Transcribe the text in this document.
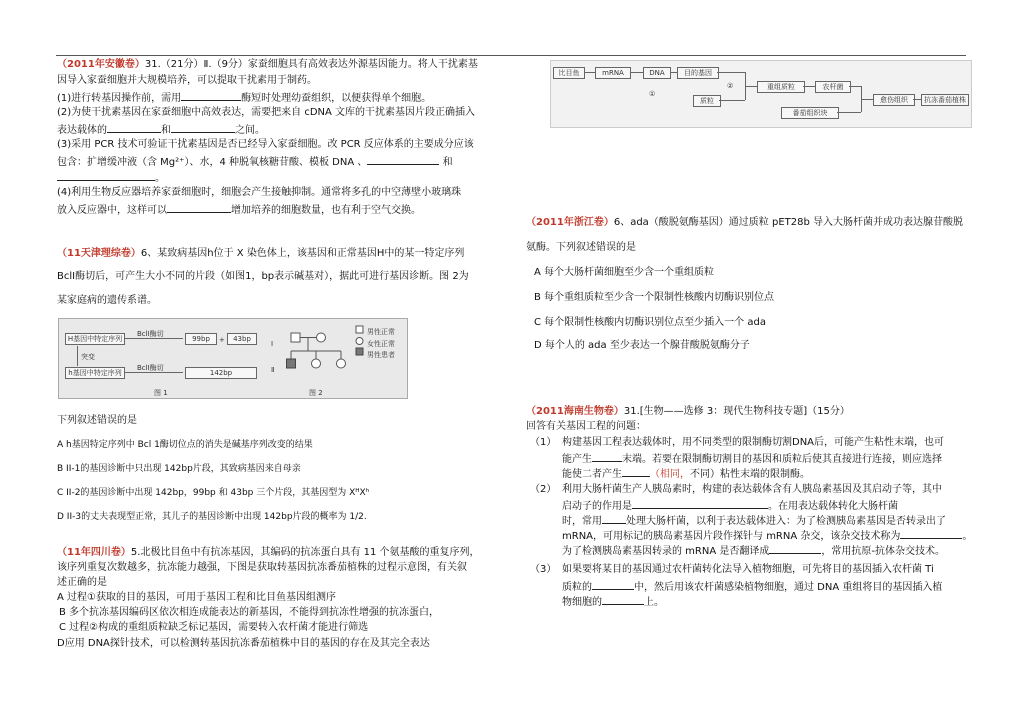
（2011年安徽卷）31.（21分）Ⅱ.（9分）家蚕细胞具有高效表达外源基因能力。将人干扰素基
因导入家蚕细胞并大规模培养，可以提取干扰素用于制药。
(1)进行转基因操作前，需用	酶短时处理幼蚕组织，以便获得单个细胞。
(2)为使干扰素基因在家蚕细胞中高效表达，需要把来自 cDNA 文库的干扰素基因片段正确插入
表达载体的	和	之间。
(3)采用 PCR 技术可验证干扰素基因是否已经导入家蚕细胞。改 PCR 反应体系的主要成分应该
包含：扩增缓冲液（含 Mg²⁺）、水，4 种脱氧核糖苷酸、模板 DNA 、	和
。
(4)利用生物反应器培养家蚕细胞时，细胞会产生接触抑制。通常将多孔的中空薄壁小玻璃珠
放入反应器中，这样可以	增加培养的细胞数量，也有利于空气交换。
（11天津理综卷）6、某致病基因h位于 X 染色体上，该基因和正常基因H中的某一特定序列
BclI酶切后，可产生大小不同的片段（如图1，bp表示碱基对），据此可进行基因诊断。图 2为
某家庭病的遗传系谱。
H基因中特定序列
BclI酶切
99bp	+	43bp
突变
h基因中特定序列
BclI酶切
142bp
图 1
Ⅰ
Ⅱ
男性正常
女性正常
男性患者
图 2
下列叙述错误的是
A h基因特定序列中 Bcl 1酶切位点的消失是碱基序列改变的结果
B II-1的基因诊断中只出现 142bp片段，其致病基因来自母亲
C II-2的基因诊断中出现 142bp，99bp 和 43bp 三个片段，其基因型为 XᴴXʰ
D II-3的丈夫表现型正常，其儿子的基因诊断中出现 142bp片段的概率为 1/2.
（11年四川卷）5.北极比目鱼中有抗冻基因，其编码的抗冻蛋白具有 11 个氨基酸的重复序列，
该序列重复次数越多，抗冻能力越强，下图是获取转基因抗冻番茄植株的过程示意图，有关叙
述正确的是
A 过程①获取的目的基因，可用于基因工程和比目鱼基因组测序
B 多个抗冻基因编码区依次相连成能表达的新基因，不能得到抗冻性增强的抗冻蛋白，
C 过程②构成的重组质粒缺乏标记基因，需要转入农杆菌才能进行筛选
D应用 DNA探针技术，可以检测转基因抗冻番茄植株中目的基因的存在及其完全表达
比目鱼	mRNA	DNA	目的基因
①
②
质粒
重组质粒	农杆菌
番茄组织块
愈伤组织	抗冻番茄植株
（2011年浙江卷）6、ada（酸脱氨酶基因）通过质粒 pET28b 导入大肠杆菌并成功表达腺苷酸脱
氨酶。下列叙述错误的是
A 每个大肠杆菌细胞至少含一个重组质粒
B 每个重组质粒至少含一个限制性核酸内切酶识别位点
C 每个限制性核酸内切酶识别位点至少插入一个 ada
D 每个人的 ada 至少表达一个腺苷酸脱氨酶分子
（2011海南生物卷）31.[生物——选修 3：现代生物科技专题]（15分）
回答有关基因工程的问题：
（1） 构建基因工程表达载体时，用不同类型的限制酶切割DNA后，可能产生粘性末端，也可
能产生	末端。若要在限制酶切割目的基因和质粒后使其直接进行连接，则应选择
能使二者产生	（相同，不同）粘性末端的限制酶。
（2） 利用大肠杆菌生产人胰岛素时，构建的表达载体含有人胰岛素基因及其启动子等，其中
启动子的作用是	。在用表达载体转化大肠杆菌
时，常用 处理大肠杆菌，以利于表达载体进入：为了检测胰岛素基因是否转录出了
mRNA，可用标记的胰岛素基因片段作探针与 mRNA 杂交，该杂交技术称为	。
为了检测胰岛素基因转录的 mRNA 是否翻译成	，常用抗原-抗体杂交技术。
（3） 如果要将某目的基因通过农杆菌转化法导入植物细胞，可先将目的基因插入农杆菌 Ti
质粒的	中，然后用该农杆菌感染植物细胞，通过 DNA 重组将目的基因插入植
物细胞的	上。
